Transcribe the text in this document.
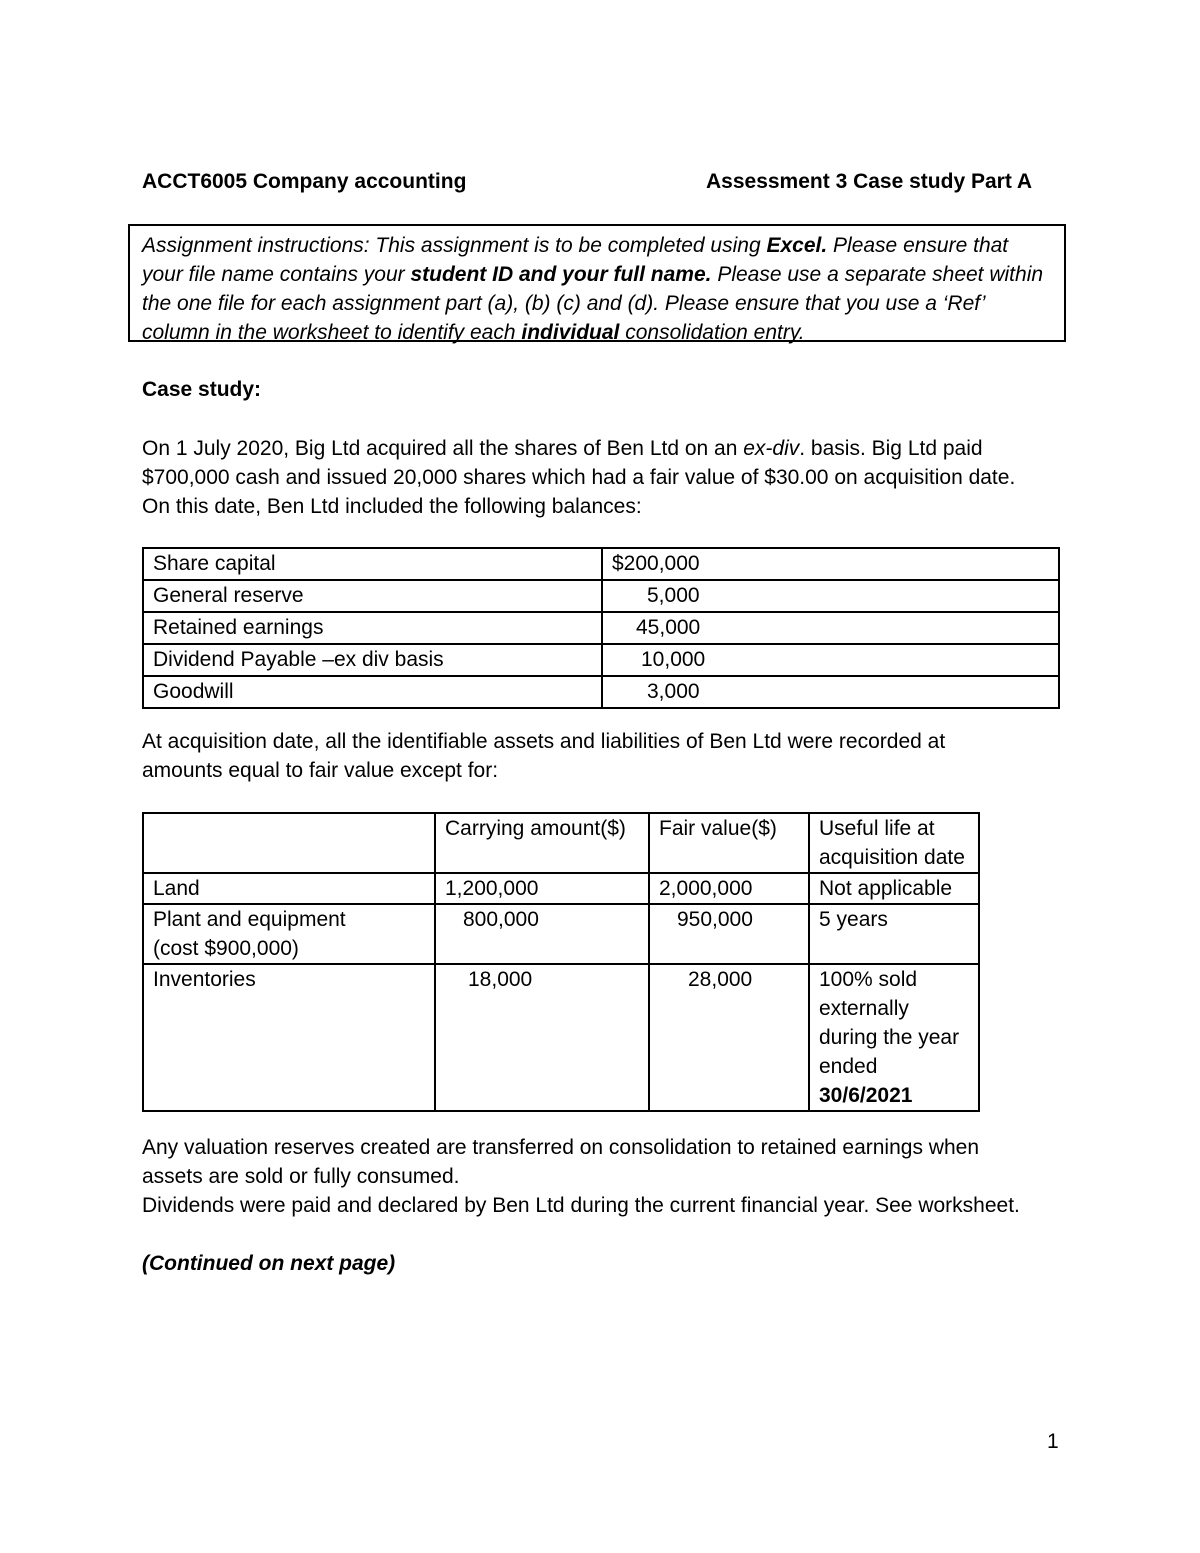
ACCT6005 Company accounting	Assessment 3 Case study Part A
Assignment instructions: This assignment is to be completed using Excel. Please ensure that
your file name contains your student ID and your full name. Please use a separate sheet within
the one file for each assignment part (a), (b) (c) and (d). Please ensure that you use a ‘Ref’
column in the worksheet to identify each individual consolidation entry.
Case study:
On 1 July 2020, Big Ltd acquired all the shares of Ben Ltd on an ex-div. basis. Big Ltd paid
$700,000 cash and issued 20,000 shares which had a fair value of $30.00 on acquisition date.
On this date, Ben Ltd included the following balances:
Share capital	$200,000
General reserve	5,000
Retained earnings	45,000
Dividend Payable –ex div basis	10,000
Goodwill	3,000
At acquisition date, all the identifiable assets and liabilities of Ben Ltd were recorded at
amounts equal to fair value except for:
	Carrying amount($)	Fair value($)	Useful life at
acquisition date

Land	1,200,000	2,000,000	Not applicable

Plant and equipment
(cost $900,000)	800,000	950,000	5 years
Inventories	18,000	28,000	100% sold
externally
during the year
ended
30/6/2021
Any valuation reserves created are transferred on consolidation to retained earnings when
assets are sold or fully consumed.
Dividends were paid and declared by Ben Ltd during the current financial year. See worksheet.
(Continued on next page)
1
